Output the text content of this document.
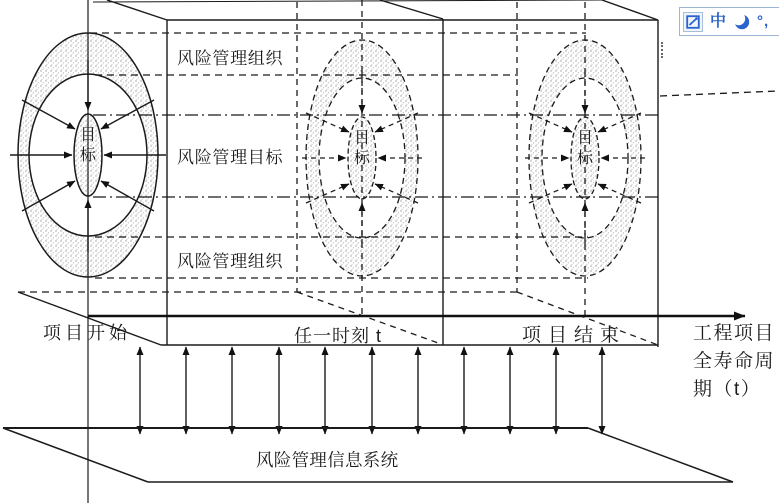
风险管理组织
风险管理目标
风险管理组织
目
标
目
标
目
标
项目开始	任一时刻 t	项目结束	工程项目全寿命周期（t）
风险管理信息系统
中 °,
